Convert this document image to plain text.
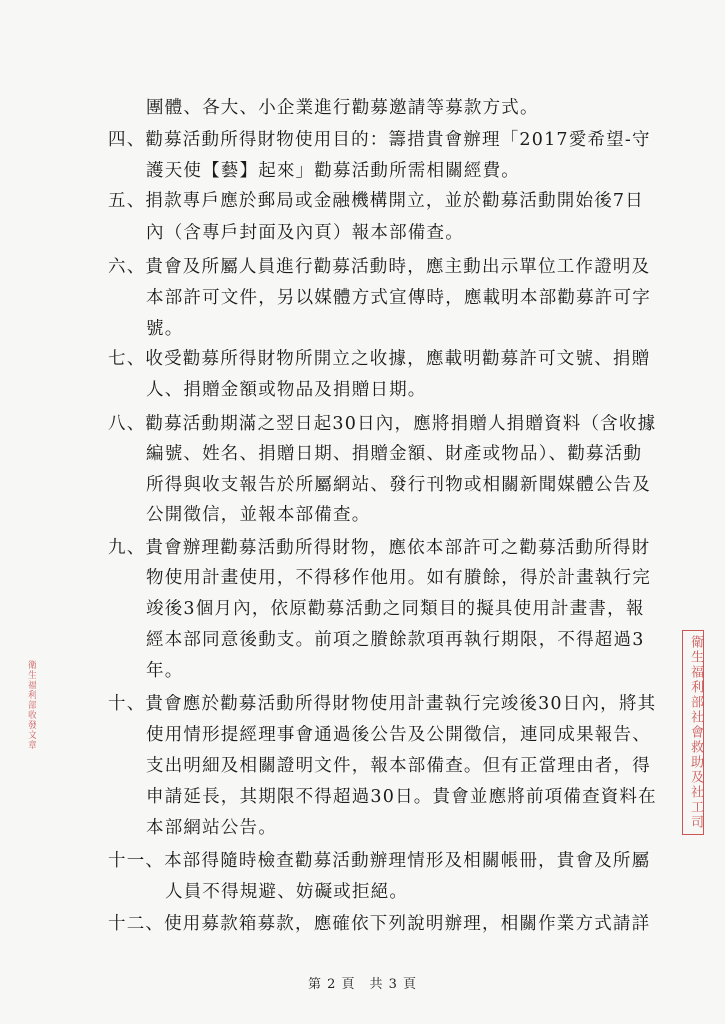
團體、各大、小企業進行勸募邀請等募款方式。
四、勸募活動所得財物使用目的：籌措貴會辦理「2017愛希望-守
護天使【藝】起來」勸募活動所需相關經費。
五、捐款專戶應於郵局或金融機構開立，並於勸募活動開始後7日
內（含專戶封面及內頁）報本部備查。
六、貴會及所屬人員進行勸募活動時，應主動出示單位工作證明及
本部許可文件，另以媒體方式宣傳時，應載明本部勸募許可字
號。
七、收受勸募所得財物所開立之收據，應載明勸募許可文號、捐贈
人、捐贈金額或物品及捐贈日期。
八、勸募活動期滿之翌日起30日內，應將捐贈人捐贈資料（含收據
編號、姓名、捐贈日期、捐贈金額、財產或物品）、勸募活動
所得與收支報告於所屬網站、發行刊物或相關新聞媒體公告及
公開徵信，並報本部備查。
九、貴會辦理勸募活動所得財物，應依本部許可之勸募活動所得財
物使用計畫使用，不得移作他用。如有賸餘，得於計畫執行完
竣後3個月內，依原勸募活動之同類目的擬具使用計畫書，報
經本部同意後動支。前項之賸餘款項再執行期限，不得超過3
年。
十、貴會應於勸募活動所得財物使用計畫執行完竣後30日內，將其
使用情形提經理事會通過後公告及公開徵信，連同成果報告、
支出明細及相關證明文件，報本部備查。但有正當理由者，得
申請延長，其期限不得超過30日。貴會並應將前項備查資料在
本部網站公告。
十一、本部得隨時檢查勸募活動辦理情形及相關帳冊，貴會及所屬
人員不得規避、妨礙或拒絕。
十二、使用募款箱募款，應確依下列說明辦理，相關作業方式請詳
第 2 頁　共 3 頁
衛生福利部社會救助及社工司
衛生福利部收發文章
